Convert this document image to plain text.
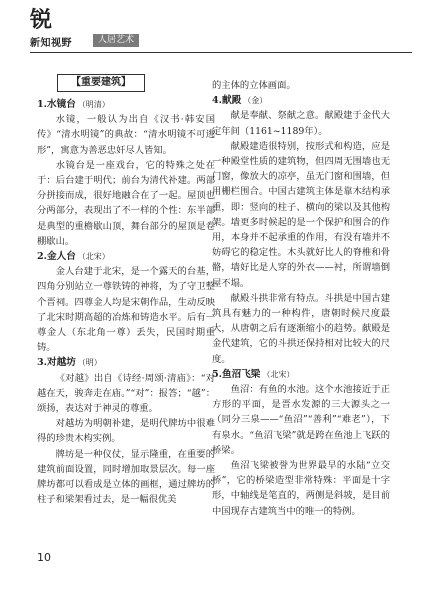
锐
新知视野	人居艺术
【重要建筑】

1.水镜台 （明清）

水镜，一般认为出自《汉书·韩安国传》“清水明镜”的典故：“清水明镜不可逃形”，寓意为善恶忠奸尽人皆知。

水镜台是一座戏台，它的特殊之处在于：后台建于明代；前台为清代补建。两部分拼接而成，很好地融合在了一起。屋顶也分两部分，表现出了不一样的个性：东半部是典型的重檐歇山顶，舞台部分的屋顶是卷棚歇山。

2.金人台 （北宋）

金人台建于北宋，是一个露天的台基，四角分别站立一尊铁铸的神将，为了守卫整个晋祠。四尊金人均是宋朝作品，生动反映了北宋时期高超的冶炼和铸造水平。后有一尊金人（东北角一尊）丢失，民国时期重铸。

3.对越坊 （明）

《对越》出自《诗经·周颂·清庙》：“对越在天，骏奔走在庙。”“对”：报答；“越”：颂扬，表达对于神灵的尊重。

对越坊为明朝补建，是明代牌坊中很难得的珍贵木构实例。

牌坊是一种仪仗，显示隆重，在重要的建筑前面设置，同时增加取景层次。每一座牌坊都可以看成是立体的画框，通过牌坊的柱子和梁架看过去，是一幅很优美

的主体的立体画面。

4.献殿 （金）

献是奉献、祭献之意。献殿建于金代大定年间（1161~1189年）。

献殿建造很特别，按形式和构造，应是一种殿堂性质的建筑物，但四周无围墙也无门窗，像放大的凉亭，虽无门窗和围墙，但用栅栏围合。中国古建筑主体是靠木结构承重，即：竖向的柱子、横向的梁以及其他构架。墙更多时候起的是一个保护和围合的作用，本身并不起承重的作用，有没有墙并不妨碍它的稳定性。木头就好比人的脊椎和骨骼，墙好比是人穿的外衣——衬，所谓墙倒屋不塌。

献殿斗拱非常有特点。斗拱是中国古建筑具有魅力的一种构件，唐朝时候尺度最大，从唐朝之后有逐渐缩小的趋势。献殿是金代建筑，它的斗拱还保持相对比较大的尺度。

5.鱼沼飞梁 （北宋）

鱼沼：有鱼的水池。这个水池接近于正方形的平面，是晋水发源的三大源头之一（同分三泉——“鱼沼”“善利”“难老”），下有泉水。“鱼沼飞梁”就是跨在鱼池上飞跃的桥梁。

鱼沼飞梁被誉为世界最早的水陆“立交桥”，它的桥梁造型非常特殊：平面是十字形，中轴线是笔直的，两侧是斜坡，是目前中国现存古建筑当中的唯一的特例。

10
